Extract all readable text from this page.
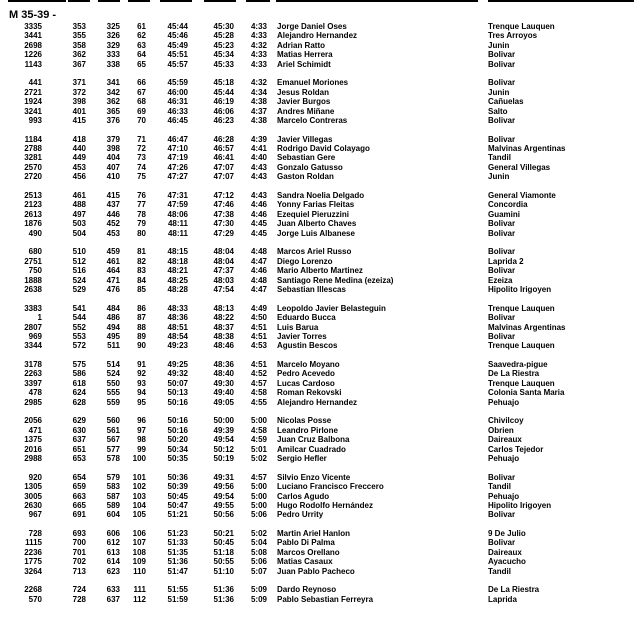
M 35-39 -
3335	353	325	61	45:44	45:30 4:33 Jorge Daniel Oses	Trenque Lauquen
3441	355	326	62	45:46	45:28 4:33 Alejandro Hernandez	Tres Arroyos
2698	358	329	63	45:49	45:23 4:32 Adrian Ratto	Junin
1226	362	333	64	45:51	45:34 4:33 Matias Herrera	Bolivar
1143	367	338	65	45:57	45:33 4:33 Ariel Schimidt	Bolivar
441	371	341	66	45:59	45:18 4:32 Emanuel Moriones	Bolivar
2721	372	342	67	46:00	45:44 4:34 Jesus Roldan	Junin
1924	398	362	68	46:31	46:19 4:38 Javier Burgos	Cañuelas
3241	401	365	69	46:33	46:06 4:37 Andres Miñane	Salto
993	415	376	70	46:45	46:23 4:38 Marcelo Contreras	Bolivar
1184	418	379	71	46:47	46:28 4:39 Javier Villegas	Bolivar
2788	440	398	72	47:10	46:57 4:41 Rodrigo David Colayago	Malvinas Argentinas
3281	449	404	73	47:19	46:41 4:40 Sebastian Gere	Tandil
2570	453	407	74	47:26	47:07 4:43 Gonzalo Gatusso	General Villegas
2720	456	410	75	47:27	47:07 4:43 Gaston Roldan	Junin
2513	461	415	76	47:31	47:12 4:43 Sandra Noelia Delgado	General Viamonte
2123	488	437	77	47:59	47:46 4:46 Yonny Farias Fleitas	Concordia
2613	497	446	78	48:06	47:38 4:46 Ezequiel Pieruzzini	Guamini
1876	503	452	79	48:11	47:30 4:45 Juan Alberto Chaves	Bolivar
490	504	453	80	48:11	47:29 4:45 Jorge Luis Albanese	Bolivar
680	510	459	81	48:15	48:04 4:48 Marcos Ariel Russo	Bolivar
2751	512	461	82	48:18	48:04 4:47 Diego Lorenzo	Laprida 2
750	516	464	83	48:21	47:37 4:46 Mario Alberto Martinez	Bolivar
1888	524	471	84	48:25	48:03 4:48 Santiago Rene Medina (ezeiza)	Ezeiza
2638	529	476	85	48:28	47:54 4:47 Sebastian Illescas	Hipolito Irigoyen
3383	541	484	86	48:33	48:13 4:49 Leopoldo Javier Belasteguin	Trenque Lauquen
1	544	486	87	48:36	48:22 4:50 Eduardo Bucca	Bolivar
2807	552	494	88	48:51	48:37 4:51 Luis Barua	Malvinas Argentinas
969	553	495	89	48:54	48:38 4:51 Javier Torres	Bolivar
3344	572	511	90	49:23	48:46 4:53 Agustin Bescos	Trenque Lauquen
3178	575	514	91	49:25	48:36 4:51 Marcelo Moyano	Saavedra-pigue
2263	586	524	92	49:32	48:40 4:52 Pedro Acevedo	De La Riestra
3397	618	550	93	50:07	49:30 4:57 Lucas Cardoso	Trenque Lauquen
478	624	555	94	50:13	49:40 4:58 Roman Rekovski	Colonia Santa Maria
2985	628	559	95	50:16	49:05 4:55 Alejandro Hernandez	Pehuajo
2056	629	560	96	50:16	50:00 5:00 Nicolas Posse	Chivilcoy
471	630	561	97	50:16	49:39 4:58 Leandro Pirlone	Obrien
1375	637	567	98	50:20	49:54 4:59 Juan Cruz Balbona	Daireaux
2016	651	577	99	50:34	50:12 5:01 Amilcar Cuadrado	Carlos Tejedor
2988	653	578	100	50:35	50:19 5:02 Sergio Hefler	Pehuajo
920	654	579	101	50:36	49:31 4:57 Silvio Enzo Vicente	Bolivar
1305	659	583	102	50:39	49:56 5:00 Luciano Francisco Freccero	Tandil
3005	663	587	103	50:45	49:54 5:00 Carlos Agudo	Pehuajo
2630	665	589	104	50:47	49:55 5:00 Hugo Rodolfo Hernández	Hipolito Irigoyen
967	691	604	105	51:21	50:56 5:06 Pedro Urrity	Bolivar
728	693	606	106	51:23	50:21 5:02 Martin Ariel Hanlon	9 De Julio
1115	700	612	107	51:33	50:45 5:04 Pablo Di Palma	Bolivar
2236	701	613	108	51:35	51:18 5:08 Marcos Orellano	Daireaux
1775	702	614	109	51:36	50:55 5:06 Matias Casaux	Ayacucho
3264	713	623	110	51:47	51:10 5:07 Juan Pablo Pacheco	Tandil
2268	724	633	111	51:55	51:36 5:09 Dardo Reynoso	De La Riestra
570	728	637	112	51:59	51:36 5:09 Pablo Sebastian Ferreyra	Laprida
